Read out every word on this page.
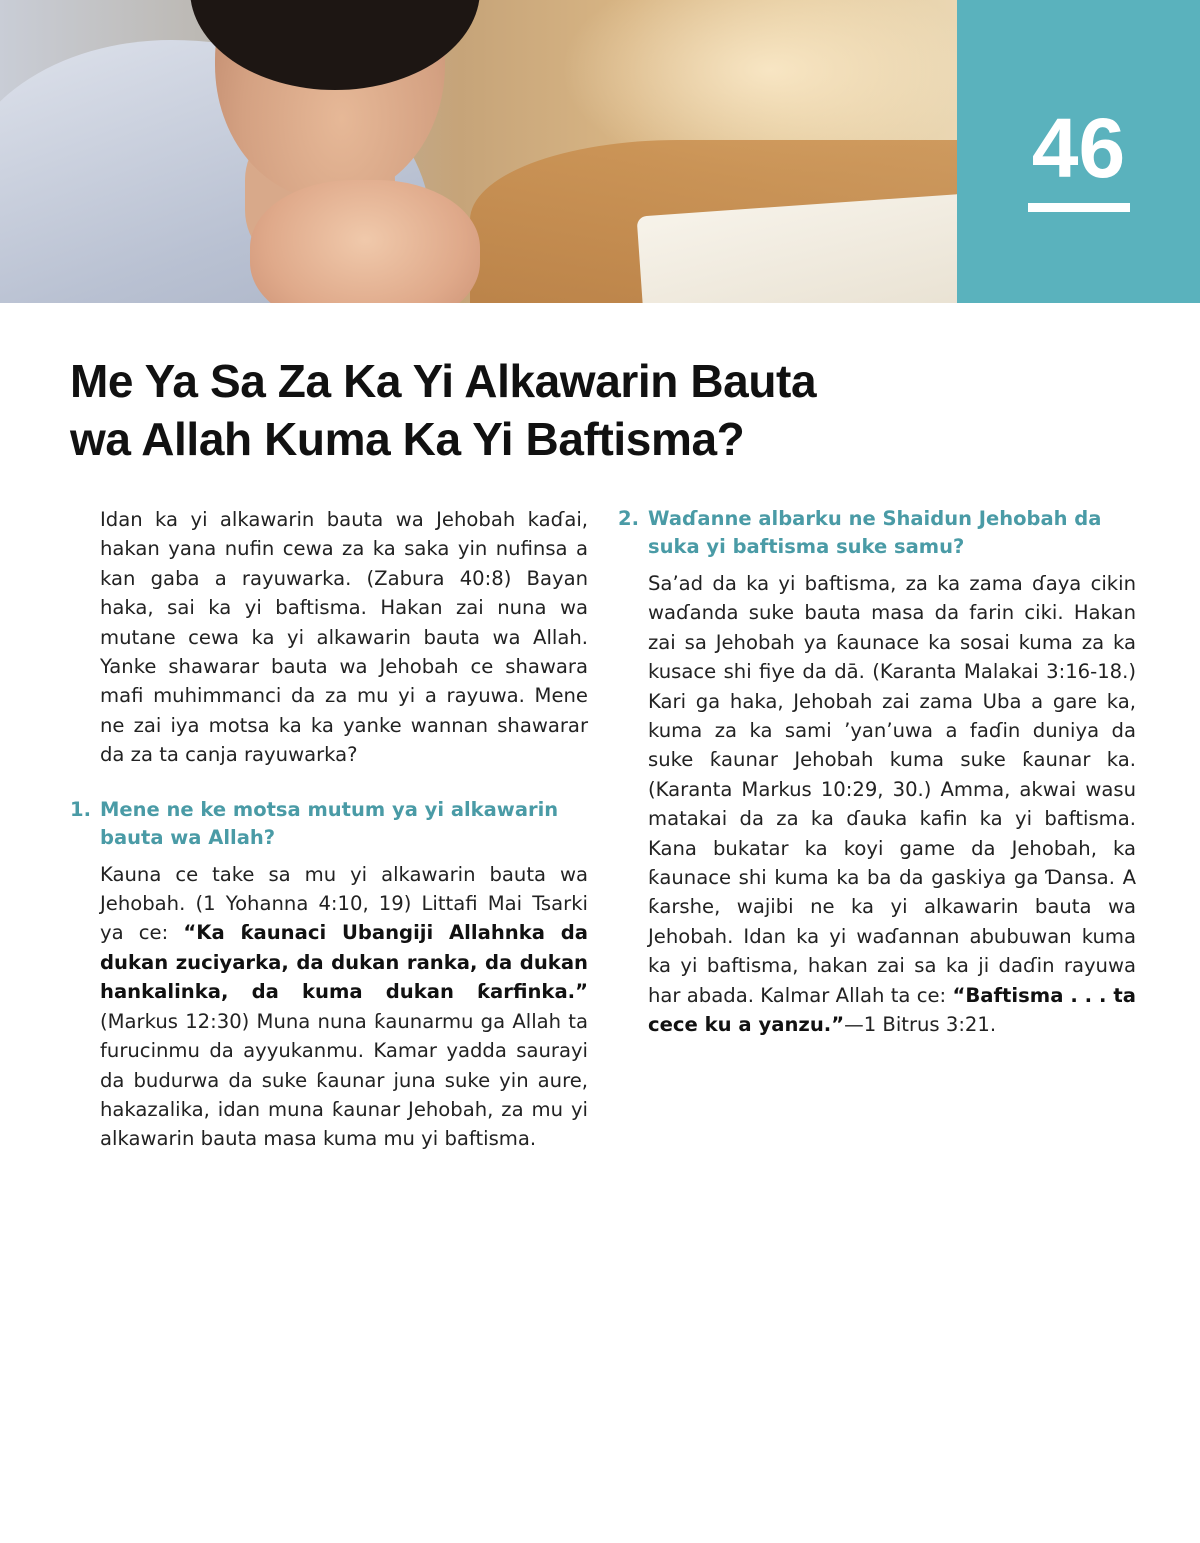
46
Me Ya Sa Za Ka Yi Alkawarin Bauta
wa Allah Kuma Ka Yi Baftisma?

Idan ka yi alkawarin bauta wa Jehobah kaɗai, hakan yana nufin cewa za ka saka yin nufinsa a kan gaba a rayuwarka. (Zabura 40:8) Bayan haka, sai ka yi baftisma. Hakan zai nuna wa mutane cewa ka yi alkawarin bauta wa Allah. Yanke shawarar bauta wa Jehobah ce shawara mafi muhimmanci da za mu yi a rayuwa. Mene ne zai iya motsa ka ka yanke wannan shawarar da za ta canja rayuwarka?

1. Mene ne ke motsa mutum ya yi alkawarin bauta wa Allah?

Kauna ce take sa mu yi alkawarin bauta wa Jehobah. (1 Yohanna 4:10, 19) Littafi Mai Tsarki ya ce: “Ka ƙaunaci Ubangiji Allahnka da dukan zuciyarka, da dukan ranka, da dukan hankalinka, da kuma dukan ƙarfinka.” (Markus 12:30) Muna nuna ƙaunarmu ga Allah ta furucinmu da ayyukanmu. Kamar yadda saurayi da budurwa da suke ƙaunar juna suke yin aure, hakazalika, idan muna ƙaunar Jehobah, za mu yi alkawarin bauta masa kuma mu yi baftisma.

2. Waɗanne albarku ne Shaidun Jehobah da suka yi baftisma suke samu?

Sa’ad da ka yi baftisma, za ka zama ɗaya cikin waɗanda suke bauta masa da farin ciki. Hakan zai sa Jehobah ya ƙaunace ka sosai kuma za ka kusace shi fiye da dā. (Karanta Malakai 3:16-18.) Kari ga haka, Jehobah zai zama Uba a gare ka, kuma za ka sami ’yan’uwa a faɗin duniya da suke ƙaunar Jehobah kuma suke ƙaunar ka. (Karanta Markus 10:29, 30.) Amma, akwai wasu matakai da za ka ɗauka kafin ka yi baftisma. Kana bukatar ka koyi game da Jehobah, ka ƙaunace shi kuma ka ba da gaskiya ga Ɗansa. A ƙarshe, wajibi ne ka yi alkawarin bauta wa Jehobah. Idan ka yi waɗannan abubuwan kuma ka yi baftisma, hakan zai sa ka ji daɗin rayuwa har abada. Kalmar Allah ta ce: “Baftisma . . . ta cece ku a yanzu.”—1 Bitrus 3:21.
